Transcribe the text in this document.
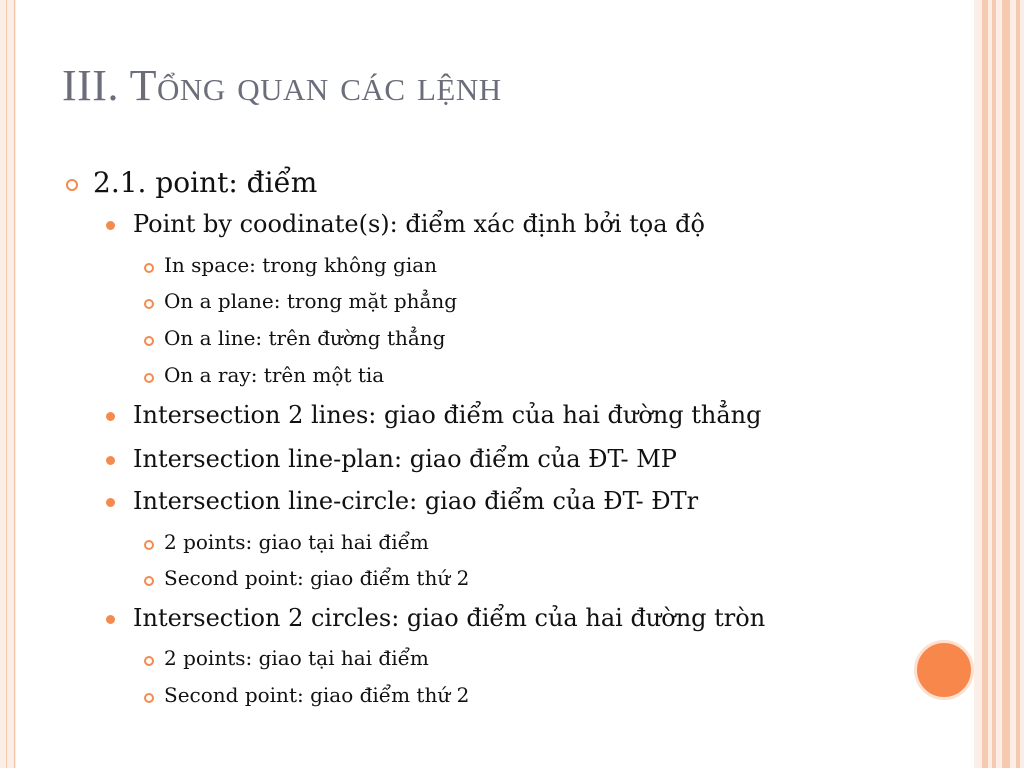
III. Tổng quan các lệnh
2.1. point: điểm
Point by coodinate(s): điểm xác định bởi tọa độ
In space: trong không gian
On a plane: trong mặt phẳng
On a line: trên đường thẳng
On a ray: trên một tia
Intersection 2 lines: giao điểm của hai đường thẳng
Intersection line-plan: giao điểm của ĐT- MP
Intersection line-circle: giao điểm của ĐT- ĐTr
2 points: giao tại hai điểm
Second point: giao điểm thứ 2
Intersection 2 circles: giao điểm của hai đường tròn
2 points: giao tại hai điểm
Second point: giao điểm thứ 2
